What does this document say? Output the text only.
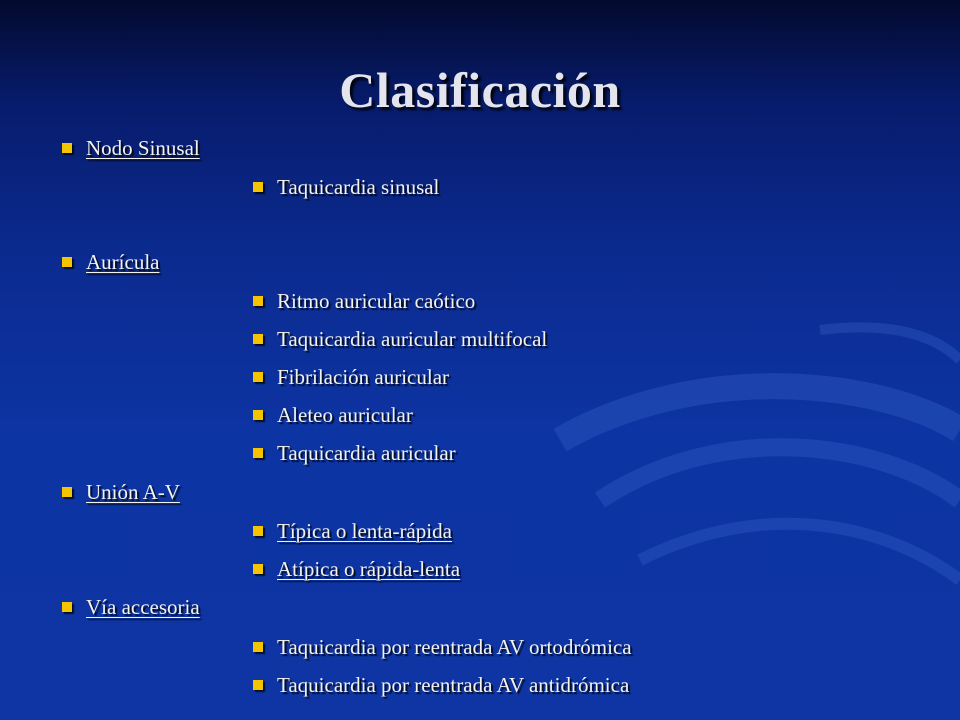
Clasificación
Nodo Sinusal
Taquicardia sinusal
Aurícula
Ritmo auricular caótico
Taquicardia auricular multifocal
Fibrilación auricular
Aleteo auricular
Taquicardia auricular
Unión A-V
Típica o lenta-rápida
Atípica o rápida-lenta
Vía accesoria
Taquicardia por reentrada AV ortodrómica
Taquicardia por reentrada AV antidrómica
